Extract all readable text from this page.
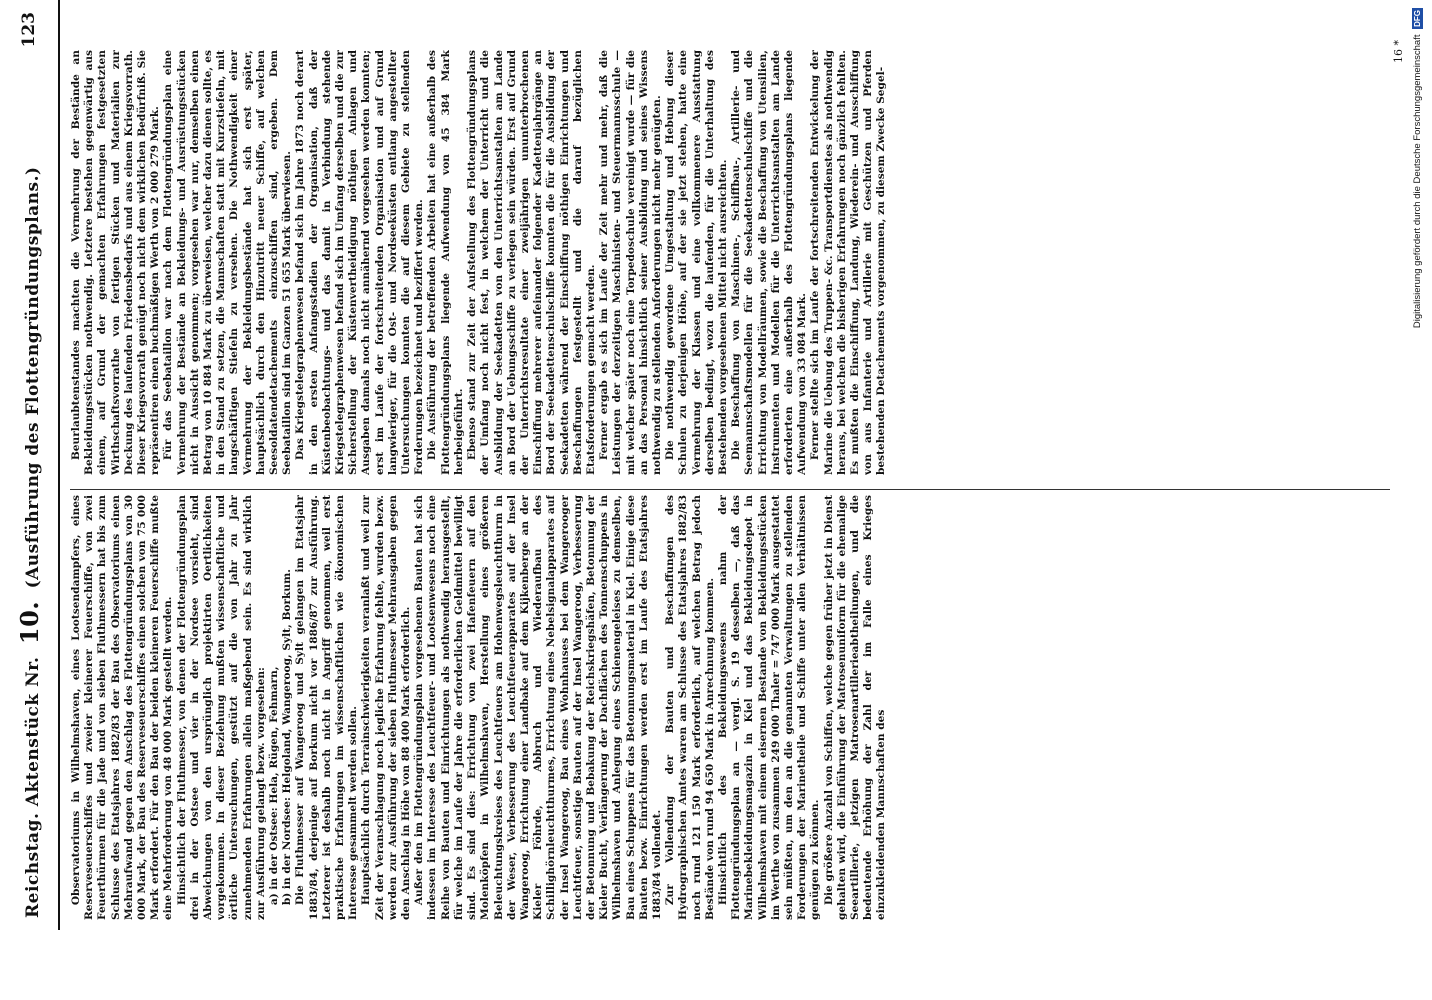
Reichstag. Aktenstück Nr. 10. (Ausführung des Flottengründungsplans.)
123

Observatoriums in Wilhelmshaven, eines Lootsendampfers, eines Reserveseuerschiffes und zweier kleinerer Feuerschiffe, von zwei Feuerthürmen für die Jade und von sieben Fluthmessern hat bis zum Schlusse des Etatsjahres 1882/83 der Bau des Observatoriums einen Mehraufwand gegen den Anschlag des Flottengründungsplans von 30 000 Mark, der Bau des Reserveseuerschiffes einen solchen von 75 000 Mark erfordert. Für den Bau der beiden kleineren Feuerschiffe mußte eine Mehrforderung von 48 000 Mark gestellt werden. Hinsichtlich der Fluthmesser, von denen der Flottengründungsplan drei in der Ostsee und vier in der Nordsee vorsieht, sind Abweichungen von den ursprünglich projektirten Oertlichkeiten vorgekommen. In dieser Beziehung mußten wissenschaftliche und örtliche Untersuchungen, gestützt auf die von Jahr zu Jahr zunehmenden Erfahrungen allein maßgebend sein. Es sind wirklich zur Ausführung gelangt bezw. vorgesehen: a) in der Ostsee: Hela, Rügen, Fehmarn, b) in der Nordsee: Helgoland, Wangeroog, Sylt, Borkum. Die Fluthmesser auf Wangeroog und Sylt gelangen im Etatsjahr 1883/84, derjenige auf Borkum nicht vor 1886/87 zur Ausführung. Letzterer ist deshalb noch nicht in Angriff genommen, weil erst praktische Erfahrungen im wissenschaftlichen wie ökonomischen Interesse gesammelt werden sollen. Hauptsächlich durch Terrainschwierigkeiten veranlaßt und weil zur Zeit der Veranschlagung noch jegliche Erfahrung fehlte, wurden bezw. werden zur Ausführung der sieben Fluthmesser Mehrausgaben gegen den Anschlag in Höhe von 88 400 Mark erforderlich. Außer den im Flottengründungsplan vorgesehenen Bauten hat sich indessen im Interesse des Leuchtfeuer- und Lootsenwesens noch eine Reihe von Bauten und Einrichtungen als nothwendig herausgestellt, für welche im Laufe der Jahre die erforderlichen Geldmittel bewilligt sind. Es sind dies: Errichtung von zwei Hafenfeuern auf den Molenköpfen in Wilhelmshaven, Herstellung eines größeren Beleuchtungskreises des Leuchtfeuers am Hohenwegsleuchtthurm in der Weser, Verbesserung des Leuchtfeuerapparates auf der Insel Wangeroog, Errichtung einer Landbake auf dem Kijkenberge an der Kieler Föhrde, Abbruch und Wiederaufbau des Schillighörnleuchtthurmes, Errichtung eines Nebelsignalapparates auf der Insel Wangeroog, Bau eines Wohnhauses bei dem Wangerooger Leuchtfeuer, sonstige Bauten auf der Insel Wangeroog, Verbesserung der Betonnung und Bebakung der Reichskriegshäfen, Betonnung der Kieler Bucht, Verlängerung der Dachflächen des Tonnenschuppens in Wilhelmshaven und Anlegung eines Schienengeleises zu demselben, Bau eines Schuppens für das Betonnungsmaterial in Kiel. Einige diese Bauten bezw. Einrichtungen werden erst im Laufe des Etatsjahres 1883/84 vollendet. Zur Vollendung der Bauten und Beschaffungen des Hydrographischen Amtes waren am Schlusse des Etatsjahres 1882/83 noch rund 121 150 Mark erforderlich, auf welchen Betrag jedoch Bestände von rund 94 650 Mark in Anrechnung kommen. Hinsichtlich des Bekleidungswesens nahm der Flottengründungsplan an — vergl. S. 19 desselben —, daß das Marinebekleidungsmagazin in Kiel und das Bekleidungsdepot in Wilhelmshaven mit einem eisernen Bestande von Bekleidungsstücken im Werthe von zusammen 249 000 Thaler = 747 000 Mark ausgestattet sein müßten, um den an die genannten Verwaltungen zu stellenden Forderungen der Marinetheile und Schiffe unter allen Verhältnissen genügen zu können. Die größere Anzahl von Schiffen, welche gegen früher jetzt in Dienst gehalten wird, die Einführung der Matrosenuniform für die ehemalige Seeartillerie, jetzigen Matrosenartillerieabtheilungen, und die bedeutende Erhöhung der Zahl der im Falle eines Krieges einzukleidenden Mannschaften des

Beurlaubtenstandes machten die Vermehrung der Bestände an Bekleidungsstücken nothwendig. Letztere bestehen gegenwärtig aus einem, auf Grund der gemachten Erfahrungen festgesetzten Wirthschaftsvorrathe von fertigen Stücken und Materialien zur Deckung des laufenden Friedensbedarfs und aus einem Kriegsvorrath. Dieser Kriegsvorrath genügt noch nicht dem wirklichen Bedürfniß. Sie repräsentiren einen buchmäßigen Werth von 2 000 279 Mark. Für das Seebataillon war nach dem Flottengründungsplan eine Vermehrung der Bestände an Bekleidungs- und Ausrüstungsstücken nicht in Aussicht genommen; vorgesehen war nur, demselben einen Betrag von 10 884 Mark zu überweisen, welcher dazu dienen sollte, es in den Stand zu setzen, die Mannschaften statt mit Kurzstiefeln, mit langschäftigen Stiefeln zu versehen. Die Nothwendigkeit einer Vermehrung der Bekleidungsbestände hat sich erst später, hauptsächlich durch den Hinzutritt neuer Schiffe, auf welchen Seesoldatendetachements einzuschiffen sind, ergeben. Dem Seebataillon sind im Ganzen 51 655 Mark überwiesen. Das Kriegstelegraphenwesen befand sich im Jahre 1873 noch derart in den ersten Anfangsstadien der Organisation, daß der Küstenbeobachtungs- und das damit in Verbindung stehende Kriegstelegraphenwesen befand sich im Umfang derselben und die zur Sicherstellung der Küstenvertheidigung nöthigen Anlagen und Ausgaben damals noch nicht annähernd vorgesehen werden konnten; erst im Laufe der fortschreitenden Organisation und auf Grund langwieriger, für die Ost- und Nordseeküsten entlang angestellter Untersuchungen konnten die auf diesem Gebiete zu stellenden Forderungen bezeichnet und beziffert werden. Die Ausführung der betreffenden Arbeiten hat eine außerhalb des Flottengründungsplans liegende Aufwendung von 45 384 Mark herbeigeführt. Ebenso stand zur Zeit der Aufstellung des Flottengründungsplans der Umfang noch nicht fest, in welchem der Unterricht und die Ausbildung der Seekadetten von den Unterrichtsanstalten am Lande an Bord der Uebungsschiffe zu verlegen sein würden. Erst auf Grund der Unterrichtsresultate einer zweijährigen ununterbrochenen Einschiffung mehrerer aufeinander folgender Kadettenjahrgänge an Bord der Seekadettenschulschiffe konnten die für die Ausbildung der Seekadetten während der Einschiffung nöthigen Einrichtungen und Beschaffungen festgestellt und die darauf bezüglichen Etatsforderungen gemacht werden. Ferner ergab es sich im Laufe der Zeit mehr und mehr, daß die Leistungen der derzeitigen Maschinisten- und Steuermannsschule — mit welcher später noch eine Torpedoschule vereinigt wurde — für die an das Personal hinsichtlich seiner Ausbildung und seines Wissens nothwendig zu stellenden Anforderungen nicht mehr genügten. Die nothwendig gewordene Umgestaltung und Hebung dieser Schulen zu derjenigen Höhe, auf der sie jetzt stehen, hatte eine Vermehrung der Klassen und eine vollkommenere Ausstattung derselben bedingt, wozu die laufenden, für die Unterhaltung des Bestehenden vorgesehenen Mittel nicht ausreichten. Die Beschaffung von Maschinen-, Schiffbau-, Artillerie- und Seemannschaftsmodellen für die Seekadettenschulschiffe und die Errichtung von Modellräumen, sowie die Beschaffung von Utensilien, Instrumenten und Modellen für die Unterrichtsanstalten am Lande erforderten eine außerhalb des Flottengründungsplans liegende Aufwendung von 33 084 Mark. Ferner stellte sich im Laufe der fortschreitenden Entwickelung der Marine die Uebung des Truppen- &c. Transportdienstes als nothwendig heraus, bei welchen die bisherigen Erfahrungen noch gänzlich fehlten. Es mußten die Einschiffung, Landung, Wiederein- und Ausschiffung von aus Infanterie und Artillerie mit Geschützen und Pferden bestehenden Detachements vorgenommen, zu diesem Zwecke Segel-

16 * Digitalisierung gefördert durch die Deutsche Forschungsgemeinschaft DFG
